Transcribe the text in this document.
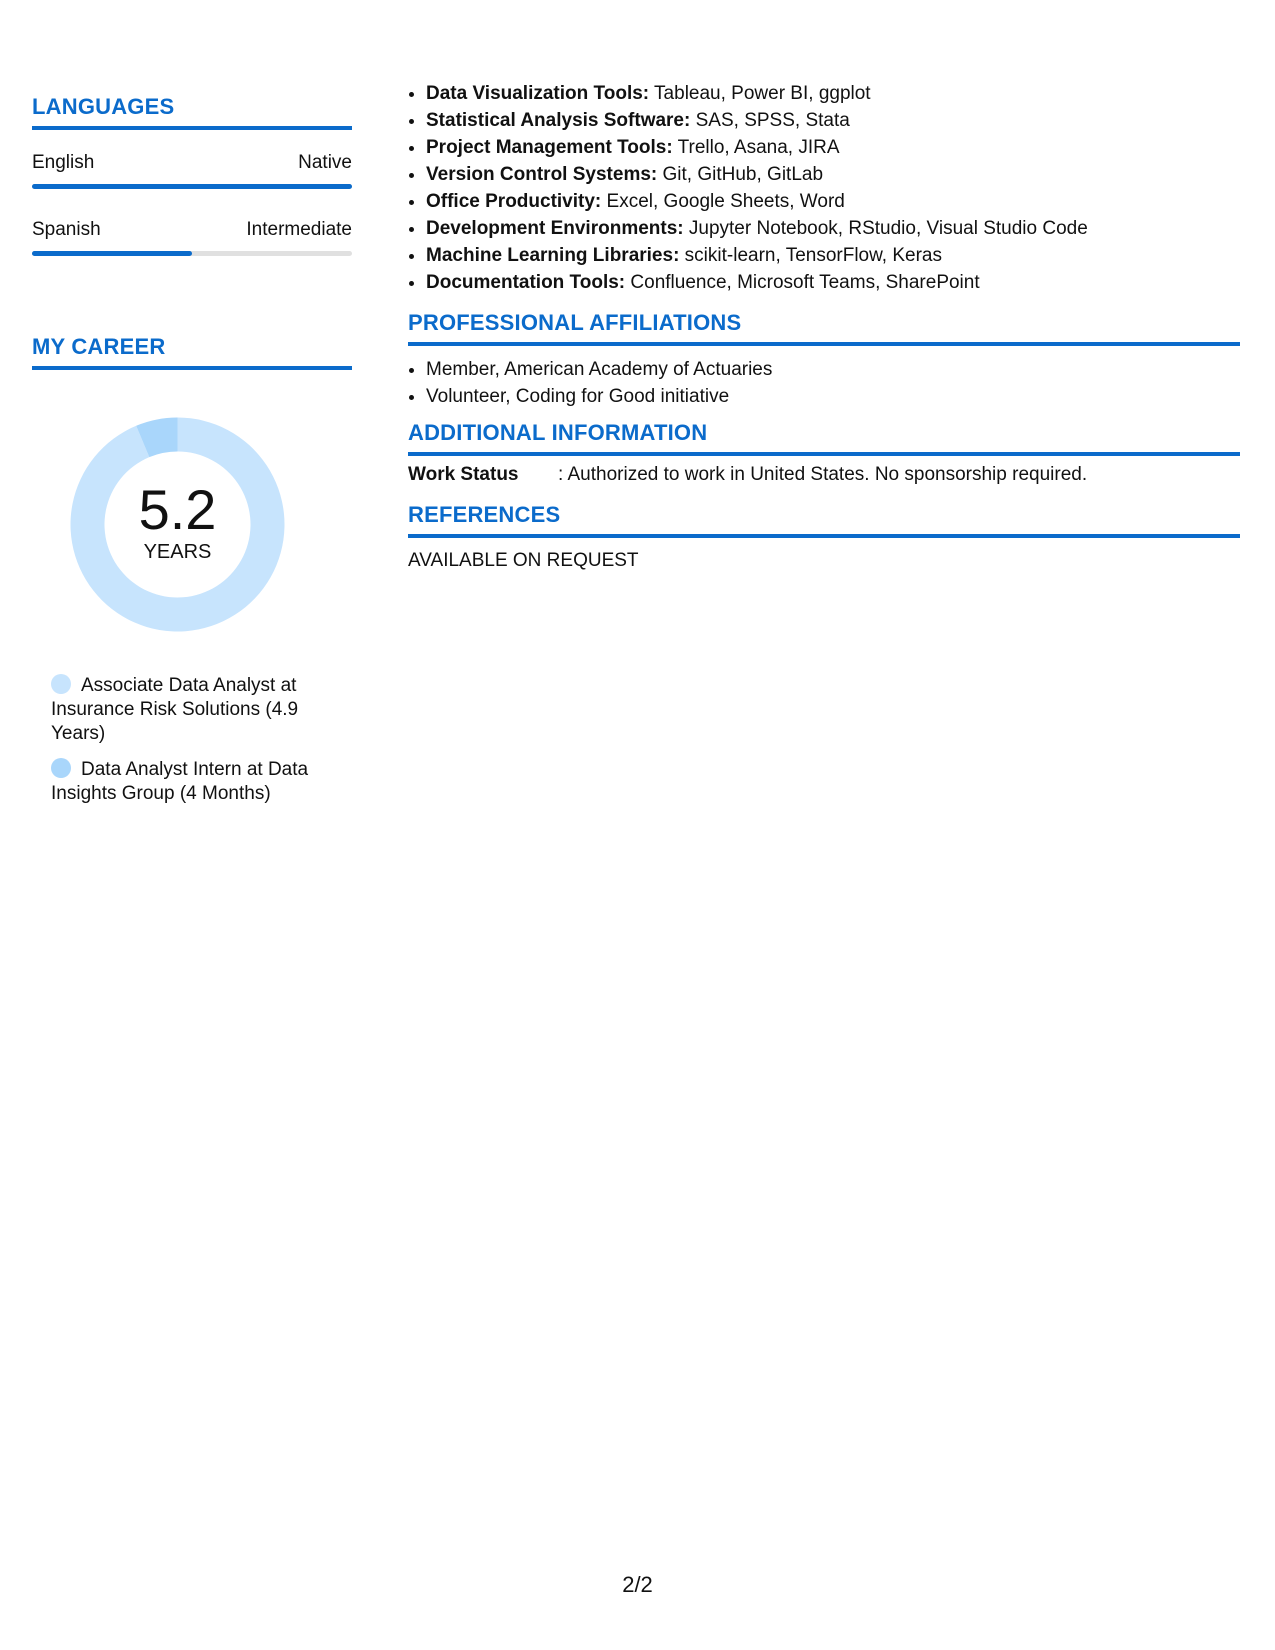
LANGUAGES
English	Native
Spanish	Intermediate
MY CAREER
5.2
YEARS
Associate Data Analyst at Insurance Risk Solutions (4.9 Years)
Data Analyst Intern at Data Insights Group (4 Months)
• Data Visualization Tools: Tableau, Power BI, ggplot
• Statistical Analysis Software: SAS, SPSS, Stata
• Project Management Tools: Trello, Asana, JIRA
• Version Control Systems: Git, GitHub, GitLab
• Office Productivity: Excel, Google Sheets, Word
• Development Environments: Jupyter Notebook, RStudio, Visual Studio Code
• Machine Learning Libraries: scikit-learn, TensorFlow, Keras
• Documentation Tools: Confluence, Microsoft Teams, SharePoint
PROFESSIONAL AFFILIATIONS
• Member, American Academy of Actuaries
• Volunteer, Coding for Good initiative
ADDITIONAL INFORMATION
Work Status	: Authorized to work in United States. No sponsorship required.
REFERENCES
AVAILABLE ON REQUEST
2/2
